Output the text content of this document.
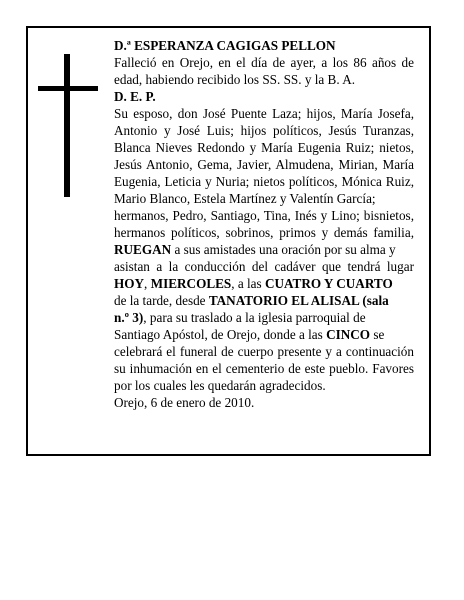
D.ª ESPERANZA CAGIGAS PELLON
Falleció en Orejo, en el día de ayer, a los 86 años de
edad, habiendo recibido los SS. SS. y la B. A.
D. E. P.
Su esposo, don José Puente Laza; hijos, María Josefa,
Antonio y José Luis; hijos políticos, Jesús Turanzas,
Blanca Nieves Redondo y María Eugenia Ruiz; nietos,
Jesús Antonio, Gema, Javier, Almudena, Mirian, María
Eugenia, Leticia y Nuria; nietos políticos, Mónica Ruiz,
Mario Blanco, Estela Martínez y Valentín García;
hermanos, Pedro, Santiago, Tina, Inés y Lino; bisnietos,
hermanos políticos, sobrinos, primos y demás familia,
RUEGAN a sus amistades una oración por su alma y
asistan a la conducción del cadáver que tendrá lugar
HOY, MIERCOLES, a las CUATRO Y CUARTO
de la tarde, desde TANATORIO EL ALISAL (sala
n.º 3), para su traslado a la iglesia parroquial de
Santiago Apóstol, de Orejo, donde a las CINCO se
celebrará el funeral de cuerpo presente y a continuación
su inhumación en el cementerio de este pueblo. Favores
por los cuales les quedarán agradecidos.
Orejo, 6 de enero de 2010.
